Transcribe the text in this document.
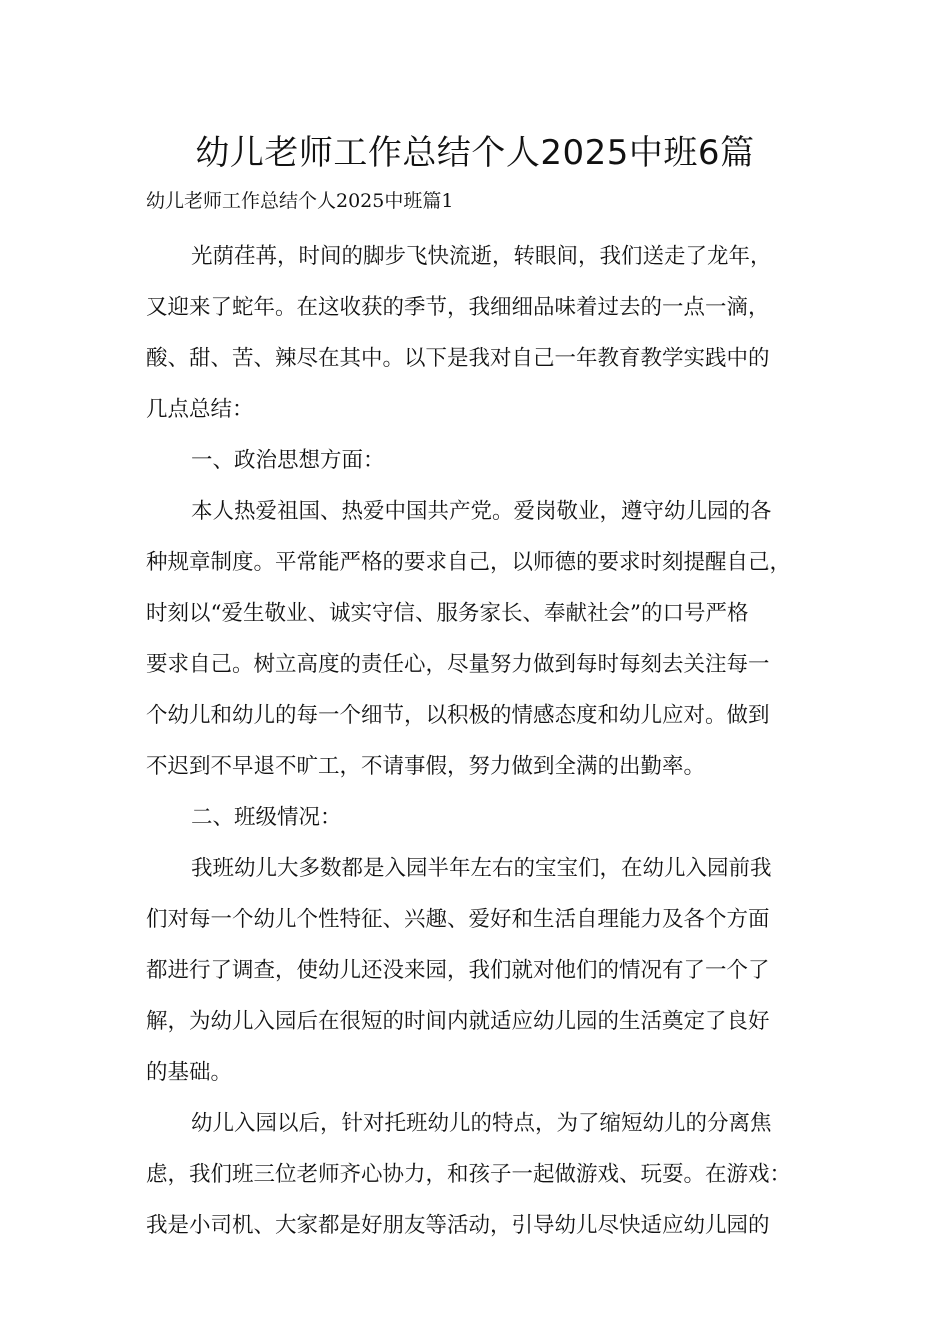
幼儿老师工作总结个人2025中班6篇
幼儿老师工作总结个人2025中班篇1

光荫荏苒，时间的脚步飞快流逝，转眼间，我们送走了龙年，
又迎来了蛇年。在这收获的季节，我细细品味着过去的一点一滴，
酸、甜、苦、辣尽在其中。以下是我对自己一年教育教学实践中的
几点总结：

一、政治思想方面：

本人热爱祖国、热爱中国共产党。爱岗敬业，遵守幼儿园的各
种规章制度。平常能严格的要求自己，以师德的要求时刻提醒自己，
时刻以“爱生敬业、诚实守信、服务家长、奉献社会”的口号严格
要求自己。树立高度的责任心，尽量努力做到每时每刻去关注每一
个幼儿和幼儿的每一个细节，以积极的情感态度和幼儿应对。做到
不迟到不早退不旷工，不请事假，努力做到全满的出勤率。

二、班级情况：

我班幼儿大多数都是入园半年左右的宝宝们，在幼儿入园前我
们对每一个幼儿个性特征、兴趣、爱好和生活自理能力及各个方面
都进行了调查，使幼儿还没来园，我们就对他们的情况有了一个了
解，为幼儿入园后在很短的时间内就适应幼儿园的生活奠定了良好
的基础。

幼儿入园以后，针对托班幼儿的特点，为了缩短幼儿的分离焦
虑，我们班三位老师齐心协力，和孩子一起做游戏、玩耍。在游戏：
我是小司机、大家都是好朋友等活动，引导幼儿尽快适应幼儿园的
